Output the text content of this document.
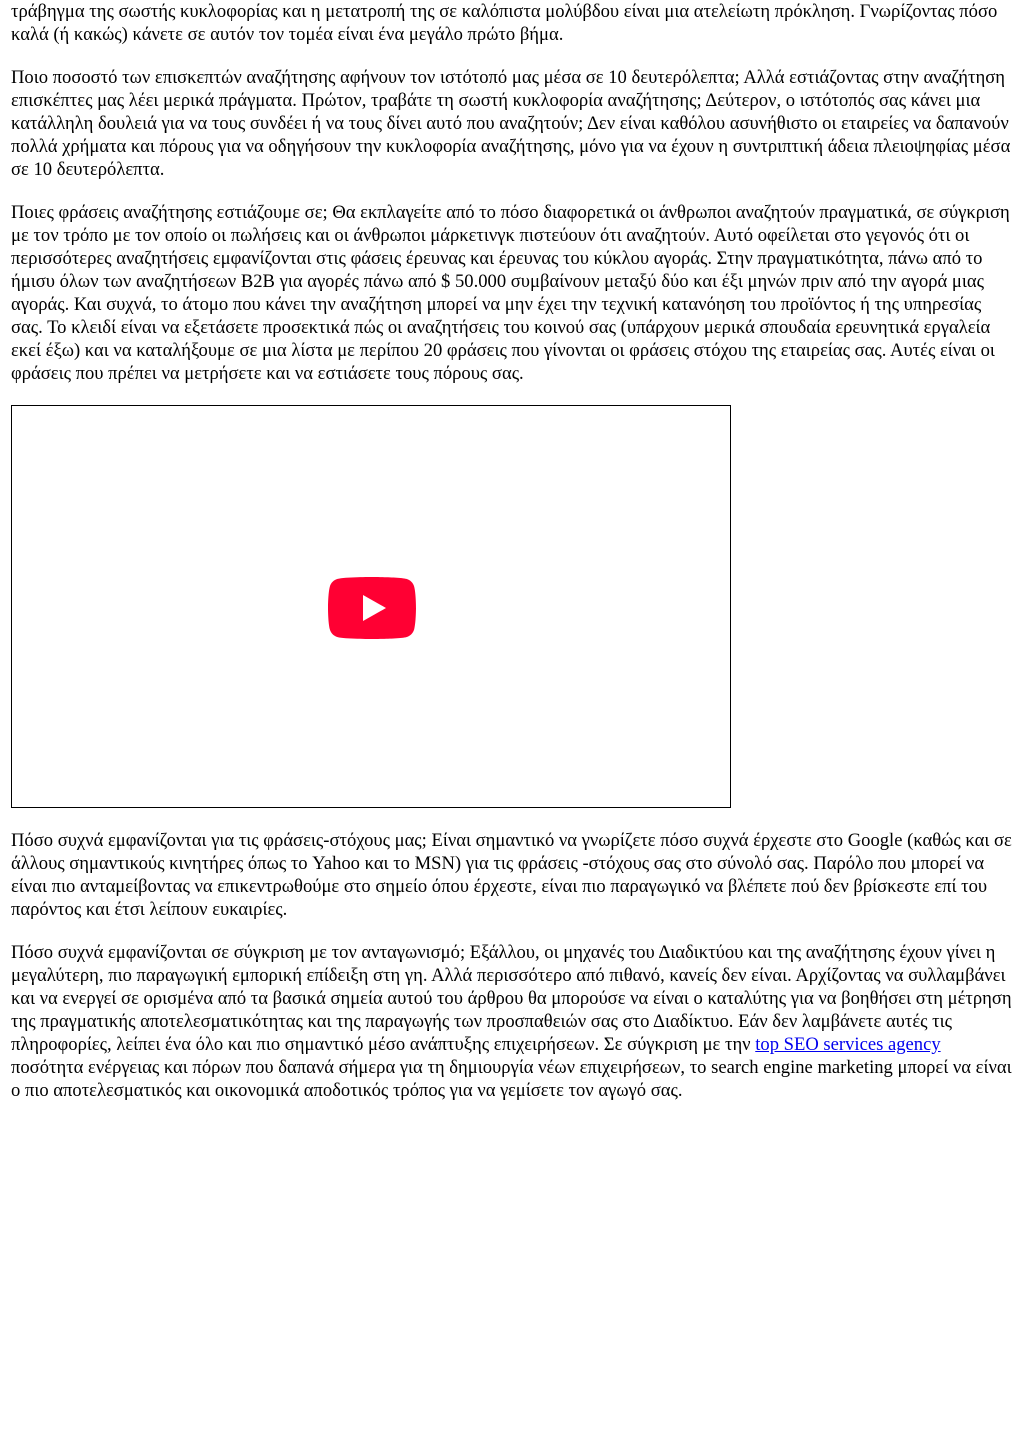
τράβηγμα της σωστής κυκλοφορίας και η μετατροπή της σε καλόπιστα μολύβδου είναι μια ατελείωτη πρόκληση. Γνωρίζοντας πόσο καλά (ή κακώς) κάνετε σε αυτόν τον τομέα είναι ένα μεγάλο πρώτο βήμα.

Ποιο ποσοστό των επισκεπτών αναζήτησης αφήνουν τον ιστότοπό μας μέσα σε 10 δευτερόλεπτα; Αλλά εστιάζοντας στην αναζήτηση επισκέπτες μας λέει μερικά πράγματα. Πρώτον, τραβάτε τη σωστή κυκλοφορία αναζήτησης; Δεύτερον, ο ιστότοπός σας κάνει μια κατάλληλη δουλειά για να τους συνδέει ή να τους δίνει αυτό που αναζητούν; Δεν είναι καθόλου ασυνήθιστο οι εταιρείες να δαπανούν πολλά χρήματα και πόρους για να οδηγήσουν την κυκλοφορία αναζήτησης, μόνο για να έχουν η συντριπτική άδεια πλειοψηφίας μέσα σε 10 δευτερόλεπτα.

Ποιες φράσεις αναζήτησης εστιάζουμε σε; Θα εκπλαγείτε από το πόσο διαφορετικά οι άνθρωποι αναζητούν πραγματικά, σε σύγκριση με τον τρόπο με τον οποίο οι πωλήσεις και οι άνθρωποι μάρκετινγκ πιστεύουν ότι αναζητούν. Αυτό οφείλεται στο γεγονός ότι οι περισσότερες αναζητήσεις εμφανίζονται στις φάσεις έρευνας και έρευνας του κύκλου αγοράς. Στην πραγματικότητα, πάνω από το ήμισυ όλων των αναζητήσεων B2B για αγορές πάνω από $ 50.000 συμβαίνουν μεταξύ δύο και έξι μηνών πριν από την αγορά μιας αγοράς. Και συχνά, το άτομο που κάνει την αναζήτηση μπορεί να μην έχει την τεχνική κατανόηση του προϊόντος ή της υπηρεσίας σας. Το κλειδί είναι να εξετάσετε προσεκτικά πώς οι αναζητήσεις του κοινού σας (υπάρχουν μερικά σπουδαία ερευνητικά εργαλεία εκεί έξω) και να καταλήξουμε σε μια λίστα με περίπου 20 φράσεις που γίνονται οι φράσεις στόχου της εταιρείας σας. Αυτές είναι οι φράσεις που πρέπει να μετρήσετε και να εστιάσετε τους πόρους σας.

Πόσο συχνά εμφανίζονται για τις φράσεις-στόχους μας; Είναι σημαντικό να γνωρίζετε πόσο συχνά έρχεστε στο Google (καθώς και σε άλλους σημαντικούς κινητήρες όπως το Yahoo και το MSN) για τις φράσεις -στόχους σας στο σύνολό σας. Παρόλο που μπορεί να είναι πιο ανταμείβοντας να επικεντρωθούμε στο σημείο όπου έρχεστε, είναι πιο παραγωγικό να βλέπετε πού δεν βρίσκεστε επί του παρόντος και έτσι λείπουν ευκαιρίες.

Πόσο συχνά εμφανίζονται σε σύγκριση με τον ανταγωνισμό; Εξάλλου, οι μηχανές του Διαδικτύου και της αναζήτησης έχουν γίνει η μεγαλύτερη, πιο παραγωγική εμπορική επίδειξη στη γη. Αλλά περισσότερο από πιθανό, κανείς δεν είναι. Αρχίζοντας να συλλαμβάνει και να ενεργεί σε ορισμένα από τα βασικά σημεία αυτού του άρθρου θα μπορούσε να είναι ο καταλύτης για να βοηθήσει στη μέτρηση της πραγματικής αποτελεσματικότητας και της παραγωγής των προσπαθειών σας στο Διαδίκτυο. Εάν δεν λαμβάνετε αυτές τις πληροφορίες, λείπει ένα όλο και πιο σημαντικό μέσο ανάπτυξης επιχειρήσεων. Σε σύγκριση με την top SEO services agency ποσότητα ενέργειας και πόρων που δαπανά σήμερα για τη δημιουργία νέων επιχειρήσεων, το search engine marketing μπορεί να είναι ο πιο αποτελεσματικός και οικονομικά αποδοτικός τρόπος για να γεμίσετε τον αγωγό σας.
